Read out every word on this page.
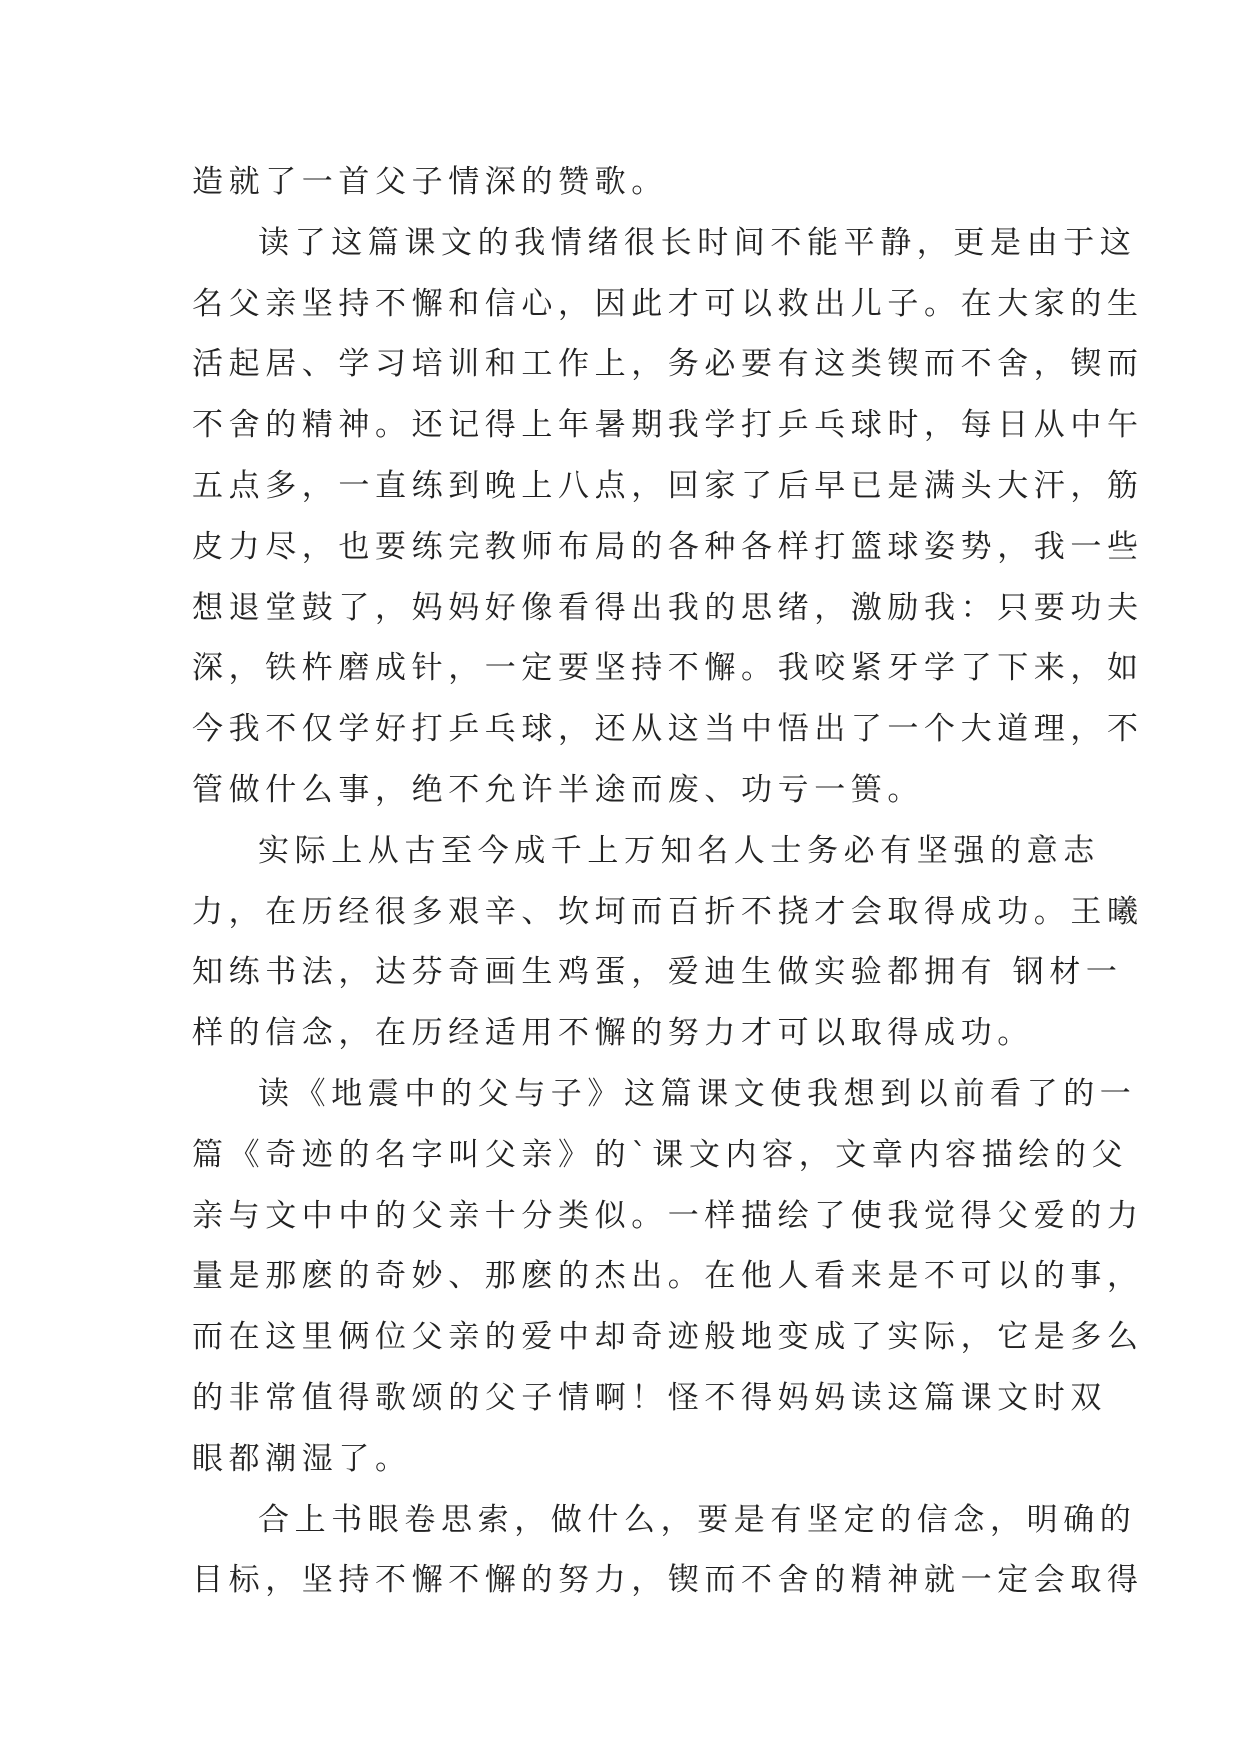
造就了一首父子情深的赞歌。
读了这篇课文的我情绪很长时间不能平静，更是由于这
名父亲坚持不懈和信心，因此才可以救出儿子。在大家的生
活起居、学习培训和工作上，务必要有这类锲而不舍，锲而
不舍的精神。还记得上年暑期我学打乒乓球时，每日从中午
五点多，一直练到晚上八点，回家了后早已是满头大汗，筋
皮力尽，也要练完教师布局的各种各样打篮球姿势，我一些
想退堂鼓了，妈妈好像看得出我的思绪，激励我：只要功夫
深，铁杵磨成针，一定要坚持不懈。我咬紧牙学了下来，如
今我不仅学好打乒乓球，还从这当中悟出了一个大道理，不
管做什么事，绝不允许半途而废、功亏一篑。
实际上从古至今成千上万知名人士务必有坚强的意志
力，在历经很多艰辛、坎坷而百折不挠才会取得成功。王曦
知练书法，达芬奇画生鸡蛋，爱迪生做实验都拥有 钢材一
样的信念，在历经适用不懈的努力才可以取得成功。
读《地震中的父与子》这篇课文使我想到以前看了的一
篇《奇迹的名字叫父亲》的`课文内容，文章内容描绘的父
亲与文中中的父亲十分类似。一样描绘了使我觉得父爱的力
量是那麽的奇妙、那麽的杰出。在他人看来是不可以的事，
而在这里俩位父亲的爱中却奇迹般地变成了实际，它是多么
的非常值得歌颂的父子情啊！怪不得妈妈读这篇课文时双
眼都潮湿了。
合上书眼卷思索，做什么，要是有坚定的信念，明确的
目标，坚持不懈不懈的努力，锲而不舍的精神就一定会取得
